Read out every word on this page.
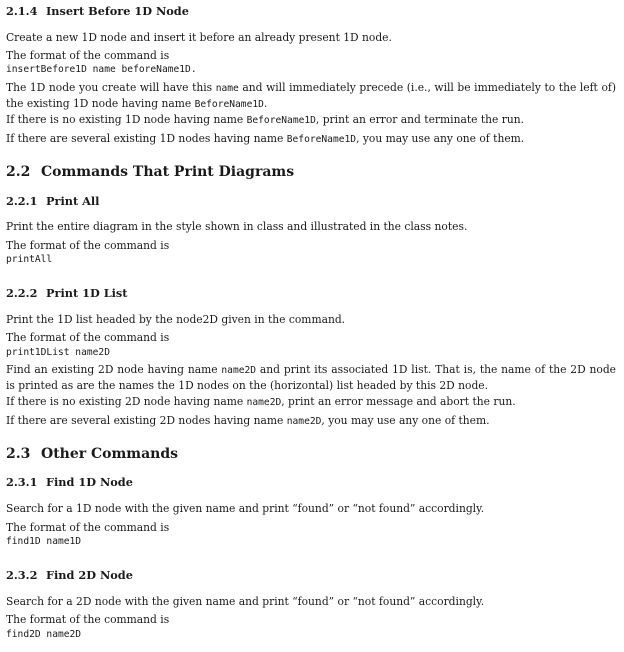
2.1.4 Insert Before 1D Node
Create a new 1D node and insert it before an already present 1D node.
The format of the command is
insertBefore1D name beforeName1D.
The 1D node you create will have this name and will immediately precede (i.e., will be immediately to the left of) the existing 1D node having name BeforeName1D.
If there is no existing 1D node having name BeforeName1D, print an error and terminate the run.
If there are several existing 1D nodes having name BeforeName1D, you may use any one of them.
2.2 Commands That Print Diagrams
2.2.1 Print All
Print the entire diagram in the style shown in class and illustrated in the class notes.
The format of the command is
printAll
2.2.2 Print 1D List
Print the 1D list headed by the node2D given in the command.
The format of the command is
print1DList name2D
Find an existing 2D node having name name2D and print its associated 1D list. That is, the name of the 2D node is printed as are the names the 1D nodes on the (horizontal) list headed by this 2D node.
If there is no existing 2D node having name name2D, print an error message and abort the run.
If there are several existing 2D nodes having name name2D, you may use any one of them.
2.3 Other Commands
2.3.1 Find 1D Node
Search for a 1D node with the given name and print “found” or “not found” accordingly.
The format of the command is
find1D name1D
2.3.2 Find 2D Node
Search for a 2D node with the given name and print “found” or “not found” accordingly.
The format of the command is
find2D name2D
